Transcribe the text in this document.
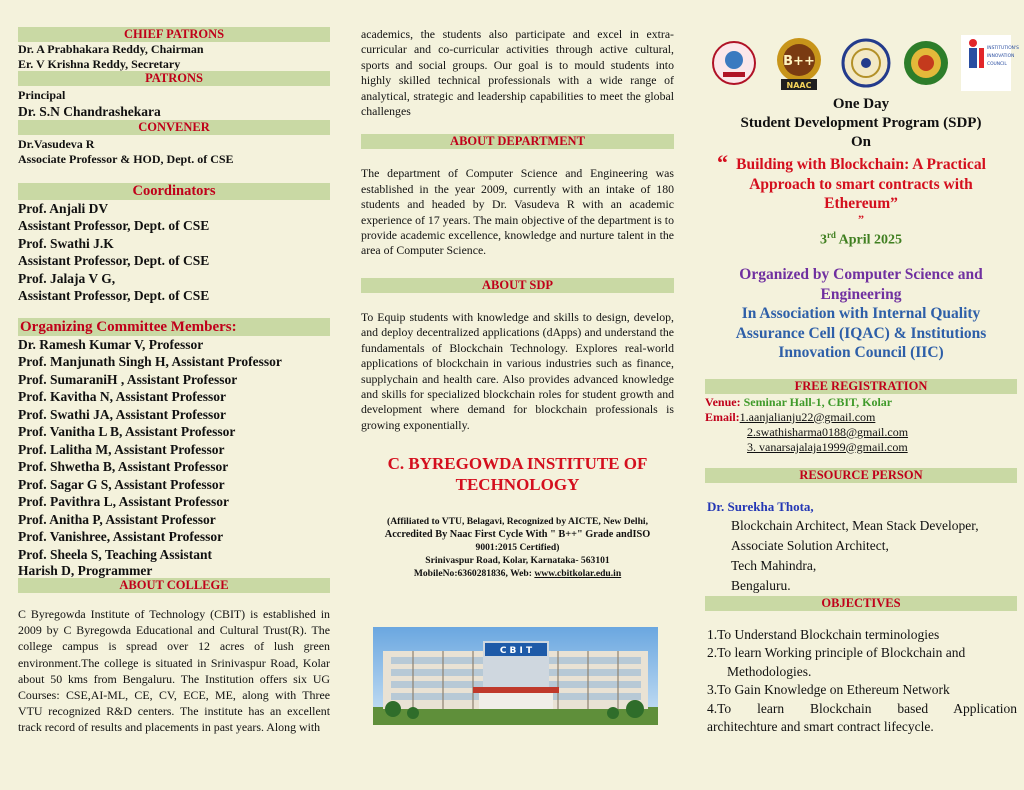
CHIEF PATRONS
Dr. A Prabhakara Reddy, Chairman
Er. V Krishna Reddy, Secretary
PATRONS
Principal
Dr. S.N Chandrashekara
CONVENER
Dr.Vasudeva R
Associate Professor & HOD, Dept. of CSE
Coordinators
Prof. Anjali DV
Assistant Professor, Dept. of CSE
Prof. Swathi J.K
Assistant Professor, Dept. of CSE
Prof. Jalaja V G,
Assistant Professor, Dept. of CSE
Organizing Committee Members:
Dr. Ramesh Kumar V, Professor
Prof. Manjunath Singh H, Assistant Professor
Prof. SumaraniH , Assistant Professor
Prof. Kavitha N, Assistant Professor
Prof. Swathi JA, Assistant Professor
Prof. Vanitha L B, Assistant Professor
Prof. Lalitha M, Assistant Professor
Prof. Shwetha B, Assistant Professor
Prof. Sagar G S, Assistant Professor
Prof. Pavithra L, Assistant Professor
Prof. Anitha P, Assistant Professor
Prof. Vanishree, Assistant Professor
Prof. Sheela S, Teaching Assistant
Harish D, Programmer
ABOUT COLLEGE
C Byregowda Institute of Technology (CBIT) is established in 2009 by C Byregowda Educational and Cultural Trust(R). The college campus is spread over 12 acres of lush green environment.The college is situated in Srinivaspur Road, Kolar about 50 kms from Bengaluru. The Institution offers six UG Courses: CSE,AI-ML, CE, CV, ECE, ME, along with Three VTU recognized R&D centers. The institute has an excellent track record of results and placements in past years. Along with
academics, the students also participate and excel in extra-curricular and co-curricular activities through active cultural, sports and social groups. Our goal is to mould students into highly skilled technical professionals with a wide range of analytical, strategic and leadership capabilities to meet the global challenges
ABOUT DEPARTMENT
The department of Computer Science and Engineering was established in the year 2009, currently with an intake of 180 students and headed by Dr. Vasudeva R with an academic experience of 17 years. The main objective of the department is to provide academic excellence, knowledge and nurture talent in the area of Computer Science.
ABOUT SDP
To Equip students with knowledge and skills to design, develop, and deploy decentralized applications (dApps) and understand the fundamentals of Blockchain Technology. Explores real-world applications of blockchain in various industries such as finance, supplychain and health care. Also provides advanced knowledge and skills for specialized blockchain roles for student growth and development where demand for blockchain professionals is growing exponentially.
C. BYREGOWDA INSTITUTE OF
TECHNOLOGY
(Affiliated to VTU, Belagavi, Recognized by AICTE, New Delhi,
Accredited By Naac First Cycle With " B++" Grade andISO
9001:2015 Certified)
Srinivaspur Road, Kolar, Karnataka- 563101
MobileNo:6360281836, Web: www.cbitkolar.edu.in
C B I T
B++
NAAC
INSTITUTION'S
INNOVATION
COUNCIL
One Day
Student Development Program (SDP)
On
“ Building with Blockchain: A Practical
Approach to smart contracts with
Ethereum”
”
3rd April 2025
Organized by Computer Science and
Engineering
In Association with Internal Quality
Assurance Cell (IQAC) & Institutions
Innovation Council (IIC)
FREE REGISTRATION
Venue: Seminar Hall-1, CBIT, Kolar
Email:1.aanjalianju22@gmail.com
2.swathisharma0188@gmail.com
3. vanarsajalaja1999@gmail.com
RESOURCE PERSON
Dr. Surekha Thota,
Blockchain Architect, Mean Stack Developer,
Associate Solution Architect,
Tech Mahindra,
Bengaluru.
OBJECTIVES
1.To Understand Blockchain terminologies
2.To learn Working principle of Blockchain and
Methodologies.
3.To Gain Knowledge on Ethereum Network
4.To learn Blockchain based Application
architechture and smart contract lifecycle.
